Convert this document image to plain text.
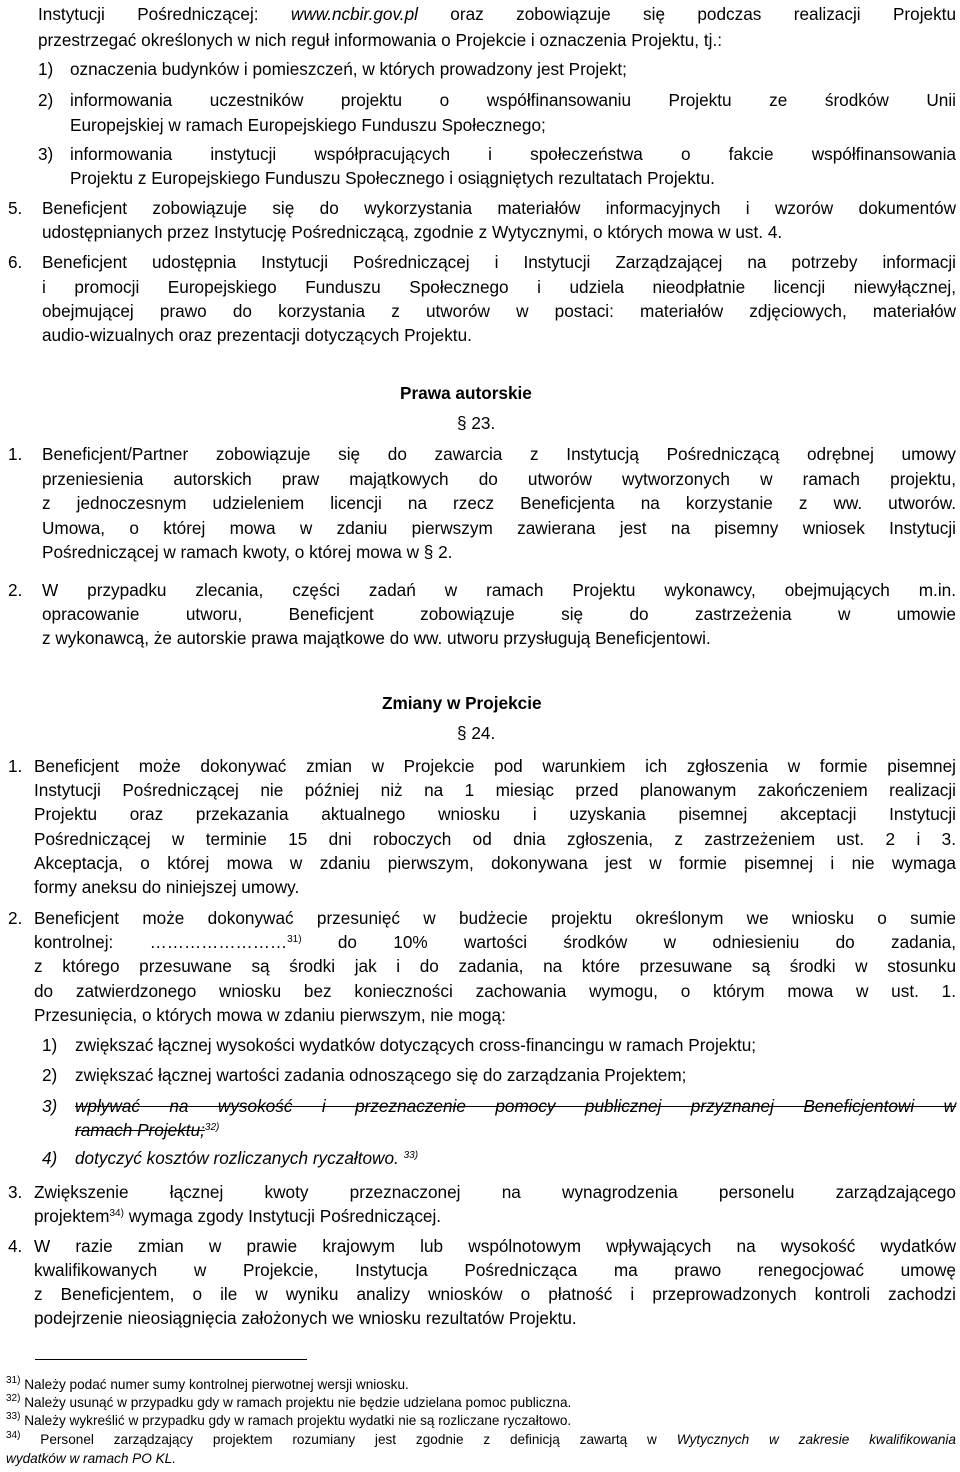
Instytucji Pośredniczącej: www.ncbir.gov.pl oraz zobowiązuje się podczas realizacji Projektu
przestrzegać określonych w nich reguł informowania o Projekcie i oznaczenia Projektu, tj.:
1) oznaczenia budynków i pomieszczeń, w których prowadzony jest Projekt;
2) informowania uczestników projektu o współfinansowaniu Projektu ze środków Unii
Europejskiej w ramach Europejskiego Funduszu Społecznego;
3) informowania instytucji współpracujących i społeczeństwa o fakcie współfinansowania
Projektu z Europejskiego Funduszu Społecznego i osiągniętych rezultatach Projektu.
5. Beneficjent zobowiązuje się do wykorzystania materiałów informacyjnych i wzorów dokumentów
udostępnianych przez Instytucję Pośredniczącą, zgodnie z Wytycznymi, o których mowa w ust. 4.
6. Beneficjent udostępnia Instytucji Pośredniczącej i Instytucji Zarządzającej na potrzeby informacji
i promocji Europejskiego Funduszu Społecznego i udziela nieodpłatnie licencji niewyłącznej,
obejmującej prawo do korzystania z utworów w postaci: materiałów zdjęciowych, materiałów
audio-wizualnych oraz prezentacji dotyczących Projektu.
Prawa autorskie
§ 23.
1. Beneficjent/Partner zobowiązuje się do zawarcia z Instytucją Pośredniczącą odrębnej umowy
przeniesienia autorskich praw majątkowych do utworów wytworzonych w ramach projektu,
z jednoczesnym udzieleniem licencji na rzecz Beneficjenta na korzystanie z ww. utworów.
Umowa, o której mowa w zdaniu pierwszym zawierana jest na pisemny wniosek Instytucji
Pośredniczącej w ramach kwoty, o której mowa w § 2.
2. W przypadku zlecania, części zadań w ramach Projektu wykonawcy, obejmujących m.in.
opracowanie utworu, Beneficjent zobowiązuje się do zastrzeżenia w umowie
z wykonawcą, że autorskie prawa majątkowe do ww. utworu przysługują Beneficjentowi.
Zmiany w Projekcie
§ 24.
1. Beneficjent może dokonywać zmian w Projekcie pod warunkiem ich zgłoszenia w formie pisemnej
Instytucji Pośredniczącej nie później niż na 1 miesiąc przed planowanym zakończeniem realizacji
Projektu oraz przekazania aktualnego wniosku i uzyskania pisemnej akceptacji Instytucji
Pośredniczącej w terminie 15 dni roboczych od dnia zgłoszenia, z zastrzeżeniem ust. 2 i 3.
Akceptacja, o której mowa w zdaniu pierwszym, dokonywana jest w formie pisemnej i nie wymaga
formy aneksu do niniejszej umowy.
2. Beneficjent może dokonywać przesunięć w budżecie projektu określonym we wniosku o sumie
kontrolnej: ……………………$^{31)}$ do 10% wartości środków w odniesieniu do zadania,
z którego przesuwane są środki jak i do zadania, na które przesuwane są środki w stosunku
do zatwierdzonego wniosku bez konieczności zachowania wymogu, o którym mowa w ust. 1.
Przesunięcia, o których mowa w zdaniu pierwszym, nie mogą:
1) zwiększać łącznej wysokości wydatków dotyczących cross-financingu w ramach Projektu;
2) zwiększać łącznej wartości zadania odnoszącego się do zarządzania Projektem;
3) wpływać na wysokość i przeznaczenie pomocy publicznej przyznanej Beneficjentowi w
ramach Projektu;$^{32)}$
4) dotyczyć kosztów rozliczanych ryczałtowo. $^{33)}$
3. Zwiększenie łącznej kwoty przeznaczonej na wynagrodzenia personelu zarządzającego
projektem$^{34)}$ wymaga zgody Instytucji Pośredniczącej.
4. W razie zmian w prawie krajowym lub wspólnotowym wpływających na wysokość wydatków
kwalifikowanych w Projekcie, Instytucja Pośrednicząca ma prawo renegocjować umowę
z Beneficjentem, o ile w wyniku analizy wniosków o płatność i przeprowadzonych kontroli zachodzi
podejrzenie nieosiągnięcia założonych we wniosku rezultatów Projektu.
$^{31)}$ Należy podać numer sumy kontrolnej pierwotnej wersji wniosku.
$^{32)}$ Należy usunąć w przypadku gdy w ramach projektu nie będzie udzielana pomoc publiczna.
$^{33)}$ Należy wykreślić w przypadku gdy w ramach projektu wydatki nie są rozliczane ryczałtowo.
$^{34)}$ Personel zarządzający projektem rozumiany jest zgodnie z definicją zawartą w Wytycznych w zakresie kwalifikowania
wydatków w ramach PO KL.
